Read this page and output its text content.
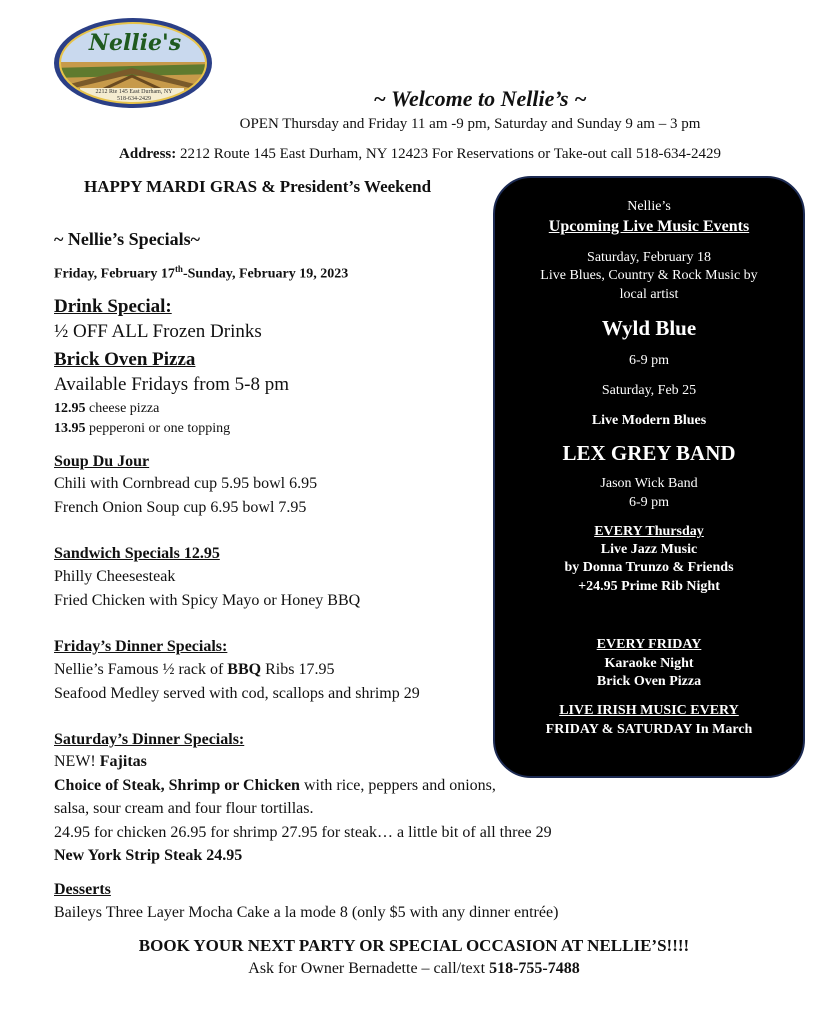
Nellie's
2212 Rte 145 East Durham, NY
518-634-2429	~ Welcome to Nellie’s ~
OPEN Thursday and Friday 11 am -9 pm, Saturday and Sunday 9 am – 3 pm
Address: 2212 Route 145 East Durham, NY 12423 For Reservations or Take-out call 518-634-2429
HAPPY MARDI GRAS & President’s Weekend
~ Nellie’s Specials~
Friday, February 17th-Sunday, February 19, 2023
Drink Special:
½ OFF ALL Frozen Drinks
Brick Oven Pizza
Available Fridays from 5-8 pm
12.95 cheese pizza
13.95 pepperoni or one topping
Soup Du Jour
Chili with Cornbread cup 5.95 bowl 6.95
French Onion Soup cup 6.95 bowl 7.95
Sandwich Specials 12.95
Philly Cheesesteak
Fried Chicken with Spicy Mayo or Honey BBQ
Friday’s Dinner Specials:
Nellie’s Famous ½ rack of BBQ Ribs 17.95
Seafood Medley served with cod, scallops and shrimp 29
Saturday’s Dinner Specials:
NEW! Fajitas
Choice of Steak, Shrimp or Chicken with rice, peppers and onions,
salsa, sour cream and four flour tortillas.
24.95 for chicken 26.95 for shrimp 27.95 for steak… a little bit of all three 29
New York Strip Steak 24.95
Desserts
Baileys Three Layer Mocha Cake a la mode 8 (only $5 with any dinner entrée)
Nellie’s
Upcoming Live Music Events
Saturday, February 18
Live Blues, Country & Rock Music by
local artist
Wyld Blue
6-9 pm
Saturday, Feb 25
Live Modern Blues
LEX GREY BAND
Jason Wick Band
6-9 pm
EVERY Thursday
Live Jazz Music
by Donna Trunzo & Friends
+24.95 Prime Rib Night
EVERY FRIDAY
Karaoke Night
Brick Oven Pizza
LIVE IRISH MUSIC EVERY
FRIDAY & SATURDAY In March
BOOK YOUR NEXT PARTY OR SPECIAL OCCASION AT NELLIE’S!!!!
Ask for Owner Bernadette – call/text 518-755-7488
